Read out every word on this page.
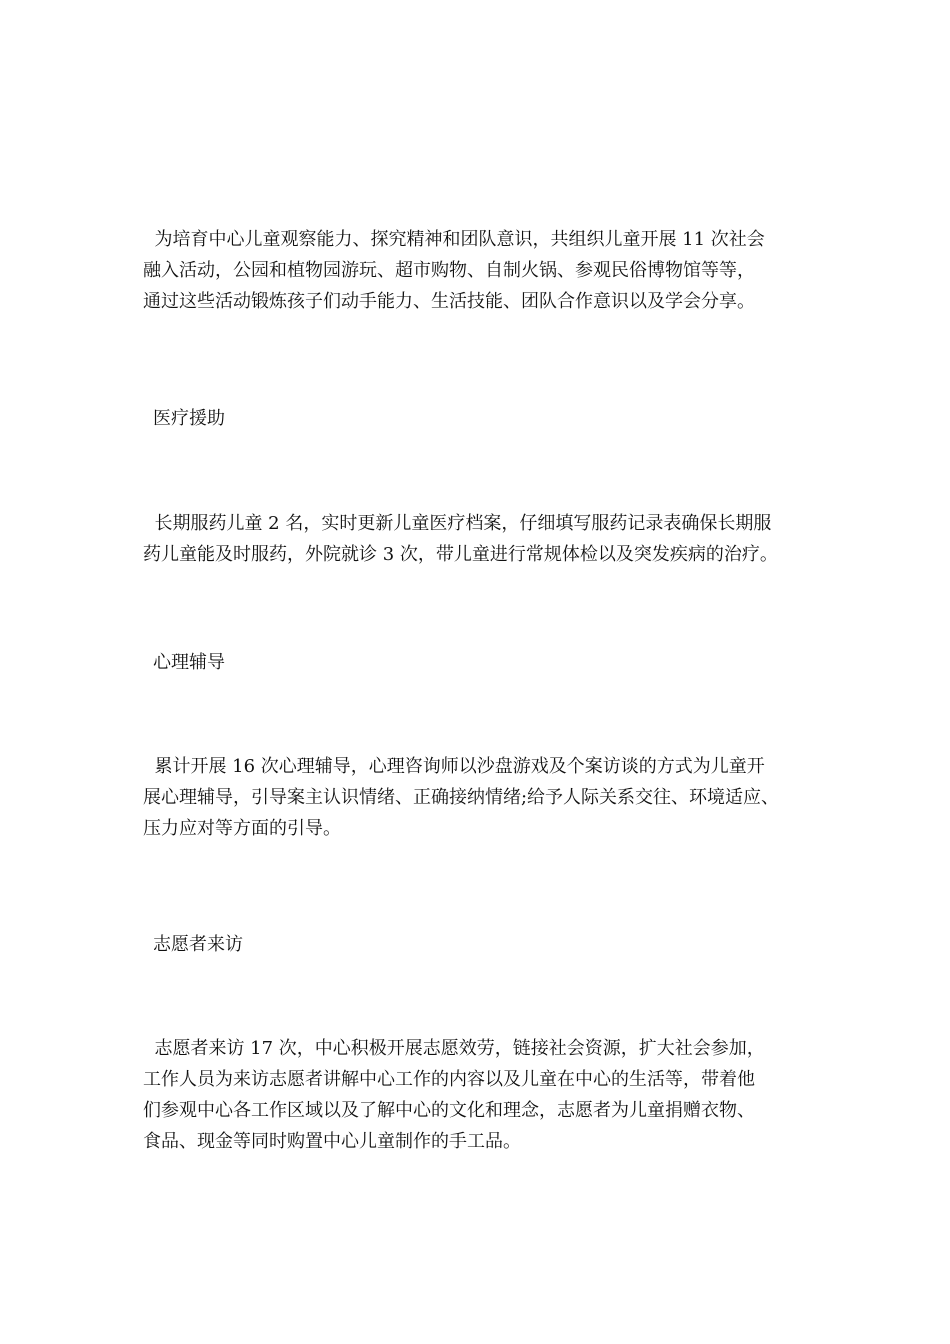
为培育中心儿童观察能力、探究精神和团队意识，共组织儿童开展 11 次社会
融入活动，公园和植物园游玩、超市购物、自制火锅、参观民俗博物馆等等，
通过这些活动锻炼孩子们动手能力、生活技能、团队合作意识以及学会分享。
医疗援助
长期服药儿童 2 名，实时更新儿童医疗档案，仔细填写服药记录表确保长期服
药儿童能及时服药，外院就诊 3 次，带儿童进行常规体检以及突发疾病的治疗。
心理辅导
累计开展 16 次心理辅导，心理咨询师以沙盘游戏及个案访谈的方式为儿童开
展心理辅导，引导案主认识情绪、正确接纳情绪;给予人际关系交往、环境适应、
压力应对等方面的引导。
志愿者来访
志愿者来访 17 次，中心积极开展志愿效劳，链接社会资源，扩大社会参加，
工作人员为来访志愿者讲解中心工作的内容以及儿童在中心的生活等，带着他
们参观中心各工作区域以及了解中心的文化和理念，志愿者为儿童捐赠衣物、
食品、现金等同时购置中心儿童制作的手工品。
